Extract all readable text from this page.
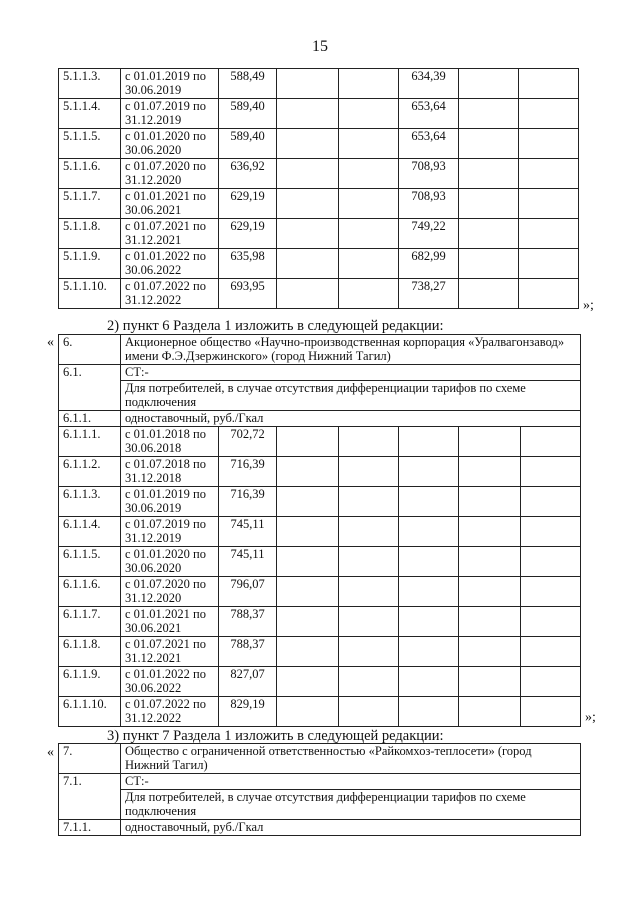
15
5.1.1.3.	с 01.01.2019 по 30.06.2019	588,49			634,39		
5.1.1.4.	с 01.07.2019 по 31.12.2019	589,40			653,64		
5.1.1.5.	с 01.01.2020 по 30.06.2020	589,40			653,64		
5.1.1.6.	с 01.07.2020 по 31.12.2020	636,92			708,93		
5.1.1.7.	с 01.01.2021 по 30.06.2021	629,19			708,93		
5.1.1.8.	с 01.07.2021 по 31.12.2021	629,19			749,22		
5.1.1.9.	с 01.01.2022 по 30.06.2022	635,98			682,99		
5.1.1.10.	с 01.07.2022 по 31.12.2022	693,95			738,27		
»;
2) пункт 6 Раздела 1 изложить в следующей редакции:
« 6.	Акционерное общество «Научно-производственная корпорация «Уралвагонзавод» имени Ф.Э.Дзержинского» (город Нижний Тагил)						
6.1.	СТ:-						
	Для потребителей, в случае отсутствия дифференциации тарифов по схеме подключения						
6.1.1.	одноставочный, руб./Гкал						
6.1.1.1.	с 01.01.2018 по 30.06.2018	702,72					
6.1.1.2.	с 01.07.2018 по 31.12.2018	716,39					
6.1.1.3.	с 01.01.2019 по 30.06.2019	716,39					
6.1.1.4.	с 01.07.2019 по 31.12.2019	745,11					
6.1.1.5.	с 01.01.2020 по 30.06.2020	745,11					
6.1.1.6.	с 01.07.2020 по 31.12.2020	796,07					
6.1.1.7.	с 01.01.2021 по 30.06.2021	788,37					
6.1.1.8.	с 01.07.2021 по 31.12.2021	788,37					
6.1.1.9.	с 01.01.2022 по 30.06.2022	827,07					
6.1.1.10.	с 01.07.2022 по 31.12.2022	829,19					
»;
3) пункт 7 Раздела 1 изложить в следующей редакции:
« 7.	Общество с ограниченной ответственностью «Райкомхоз-теплосети» (город Нижний Тагил)
7.1.	СТ:-
	Для потребителей, в случае отсутствия дифференциации тарифов по схеме подключения
7.1.1.	одноставочный, руб./Гкал
